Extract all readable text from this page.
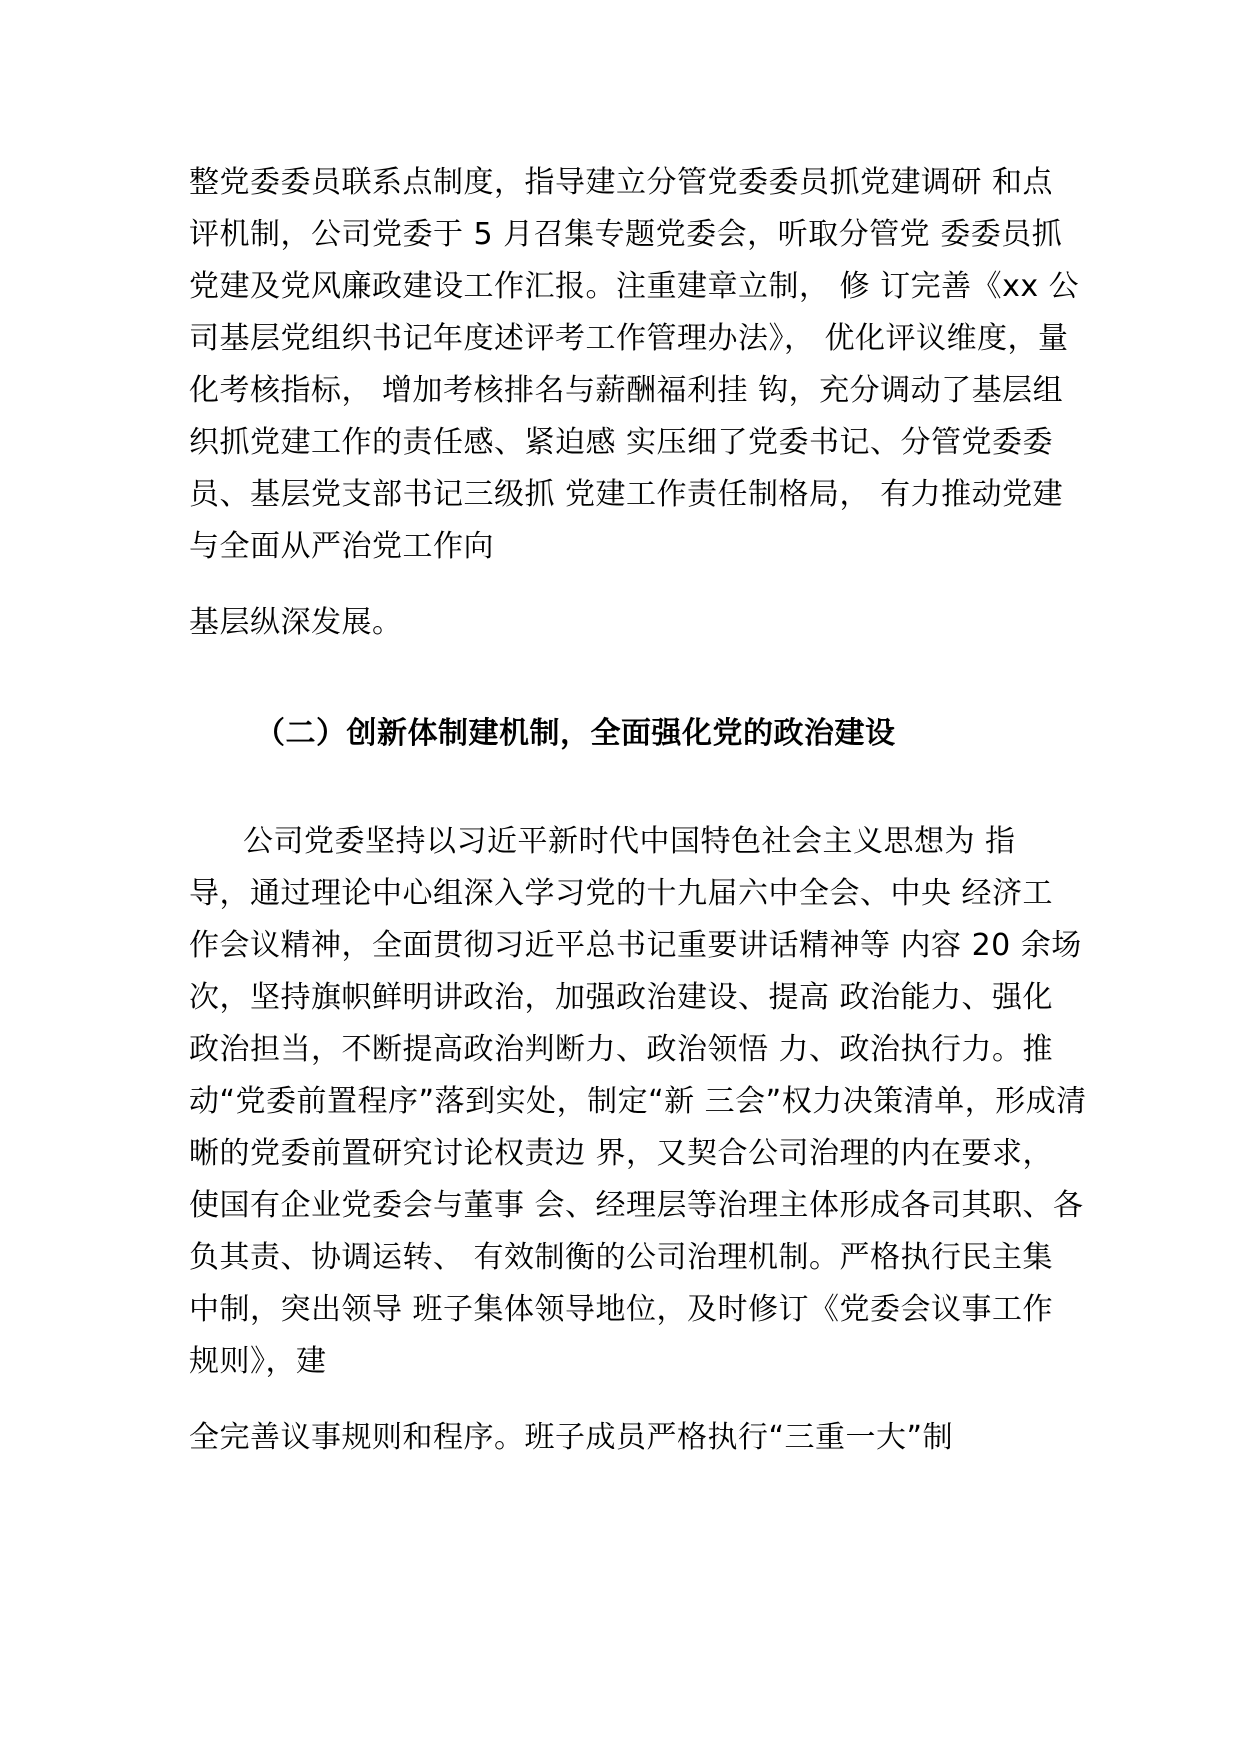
整党委委员联系点制度，指导建立分管党委委员抓党建调研 和点
评机制，公司党委于 5 月召集专题党委会，听取分管党 委委员抓
党建及党风廉政建设工作汇报。注重建章立制， 修 订完善《xx 公
司基层党组织书记年度述评考工作管理办法》， 优化评议维度，量
化考核指标， 增加考核排名与薪酬福利挂 钩，充分调动了基层组
织抓党建工作的责任感、紧迫感 实压细了党委书记、分管党委委
员、基层党支部书记三级抓 党建工作责任制格局， 有力推动党建
与全面从严治党工作向
基层纵深发展。
（二）创新体制建机制，全面强化党的政治建设
公司党委坚持以习近平新时代中国特色社会主义思想为 指
导，通过理论中心组深入学习党的十九届六中全会、中央 经济工
作会议精神，全面贯彻习近平总书记重要讲话精神等 内容 20 余场
次，坚持旗帜鲜明讲政治，加强政治建设、提高 政治能力、强化
政治担当，不断提高政治判断力、政治领悟 力、政治执行力。推
动“党委前置程序”落到实处，制定“新 三会”权力决策清单，形成清
晰的党委前置研究讨论权责边 界，又契合公司治理的内在要求，
使国有企业党委会与董事 会、经理层等治理主体形成各司其职、各
负其责、协调运转、 有效制衡的公司治理机制。严格执行民主集
中制，突出领导 班子集体领导地位，及时修订《党委会议事工作
规则》，建
全完善议事规则和程序。班子成员严格执行“三重一大”制
